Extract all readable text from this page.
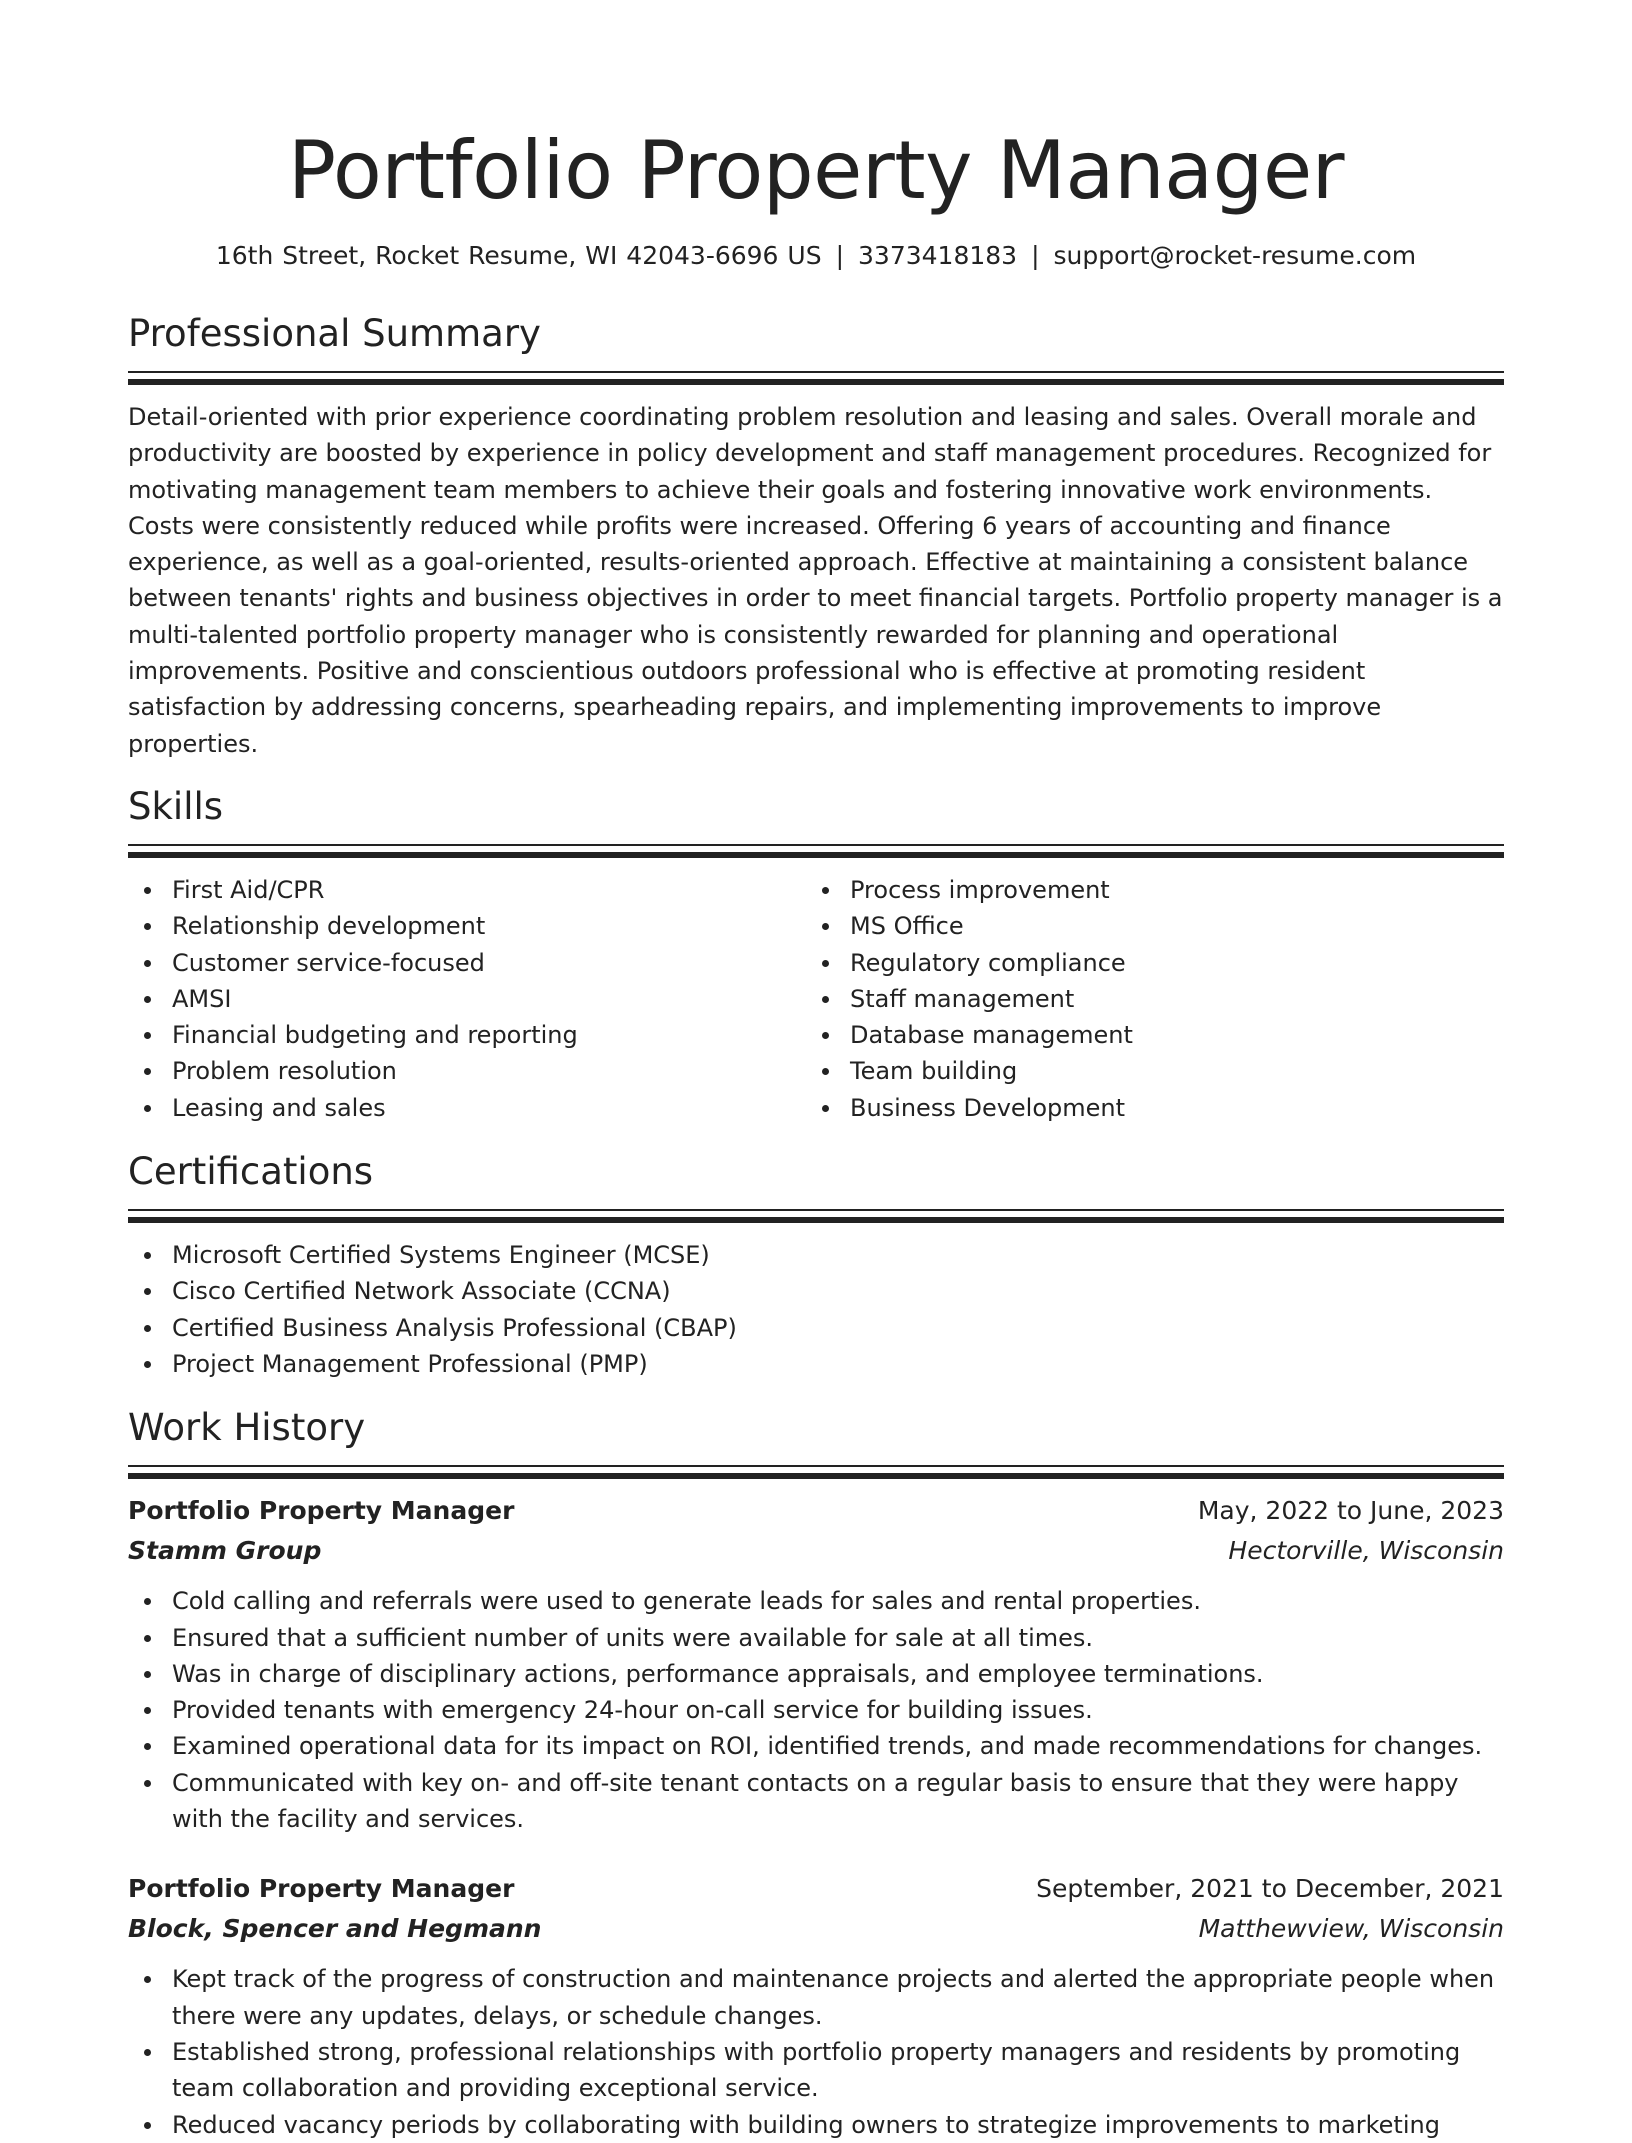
Portfolio Property Manager
16th Street, Rocket Resume, WI 42043-6696 US | 3373418183 | support@rocket-resume.com
Professional Summary

Detail-oriented with prior experience coordinating problem resolution and leasing and sales. Overall morale and productivity are boosted by experience in policy development and staff management procedures. Recognized for motivating management team members to achieve their goals and fostering innovative work environments. Costs were consistently reduced while profits were increased. Offering 6 years of accounting and finance experience, as well as a goal-oriented, results-oriented approach. Effective at maintaining a consistent balance between tenants' rights and business objectives in order to meet financial targets. Portfolio property manager is a multi-talented portfolio property manager who is consistently rewarded for planning and operational improvements. Positive and conscientious outdoors professional who is effective at promoting resident satisfaction by addressing concerns, spearheading repairs, and implementing improvements to improve properties.

Skills
First Aid/CPR
Relationship development
Customer service-focused
AMSI
Financial budgeting and reporting
Problem resolution
Leasing and sales
Process improvement
MS Office
Regulatory compliance
Staff management
Database management
Team building
Business Development
Certifications
Microsoft Certified Systems Engineer (MCSE)
Cisco Certified Network Associate (CCNA)
Certified Business Analysis Professional (CBAP)
Project Management Professional (PMP)
Work History
Portfolio Property Manager	May, 2022 to June, 2023
Stamm Group	Hectorville, Wisconsin
Cold calling and referrals were used to generate leads for sales and rental properties.
Ensured that a sufficient number of units were available for sale at all times.
Was in charge of disciplinary actions, performance appraisals, and employee terminations.
Provided tenants with emergency 24-hour on-call service for building issues.
Examined operational data for its impact on ROI, identified trends, and made recommendations for changes.
Communicated with key on- and off-site tenant contacts on a regular basis to ensure that they were happy with the facility and services.
Portfolio Property Manager	September, 2021 to December, 2021
Block, Spencer and Hegmann	Matthewview, Wisconsin
Kept track of the progress of construction and maintenance projects and alerted the appropriate people when there were any updates, delays, or schedule changes.
Established strong, professional relationships with portfolio property managers and residents by promoting team collaboration and providing exceptional service.
Reduced vacancy periods by collaborating with building owners to strategize improvements to marketing
